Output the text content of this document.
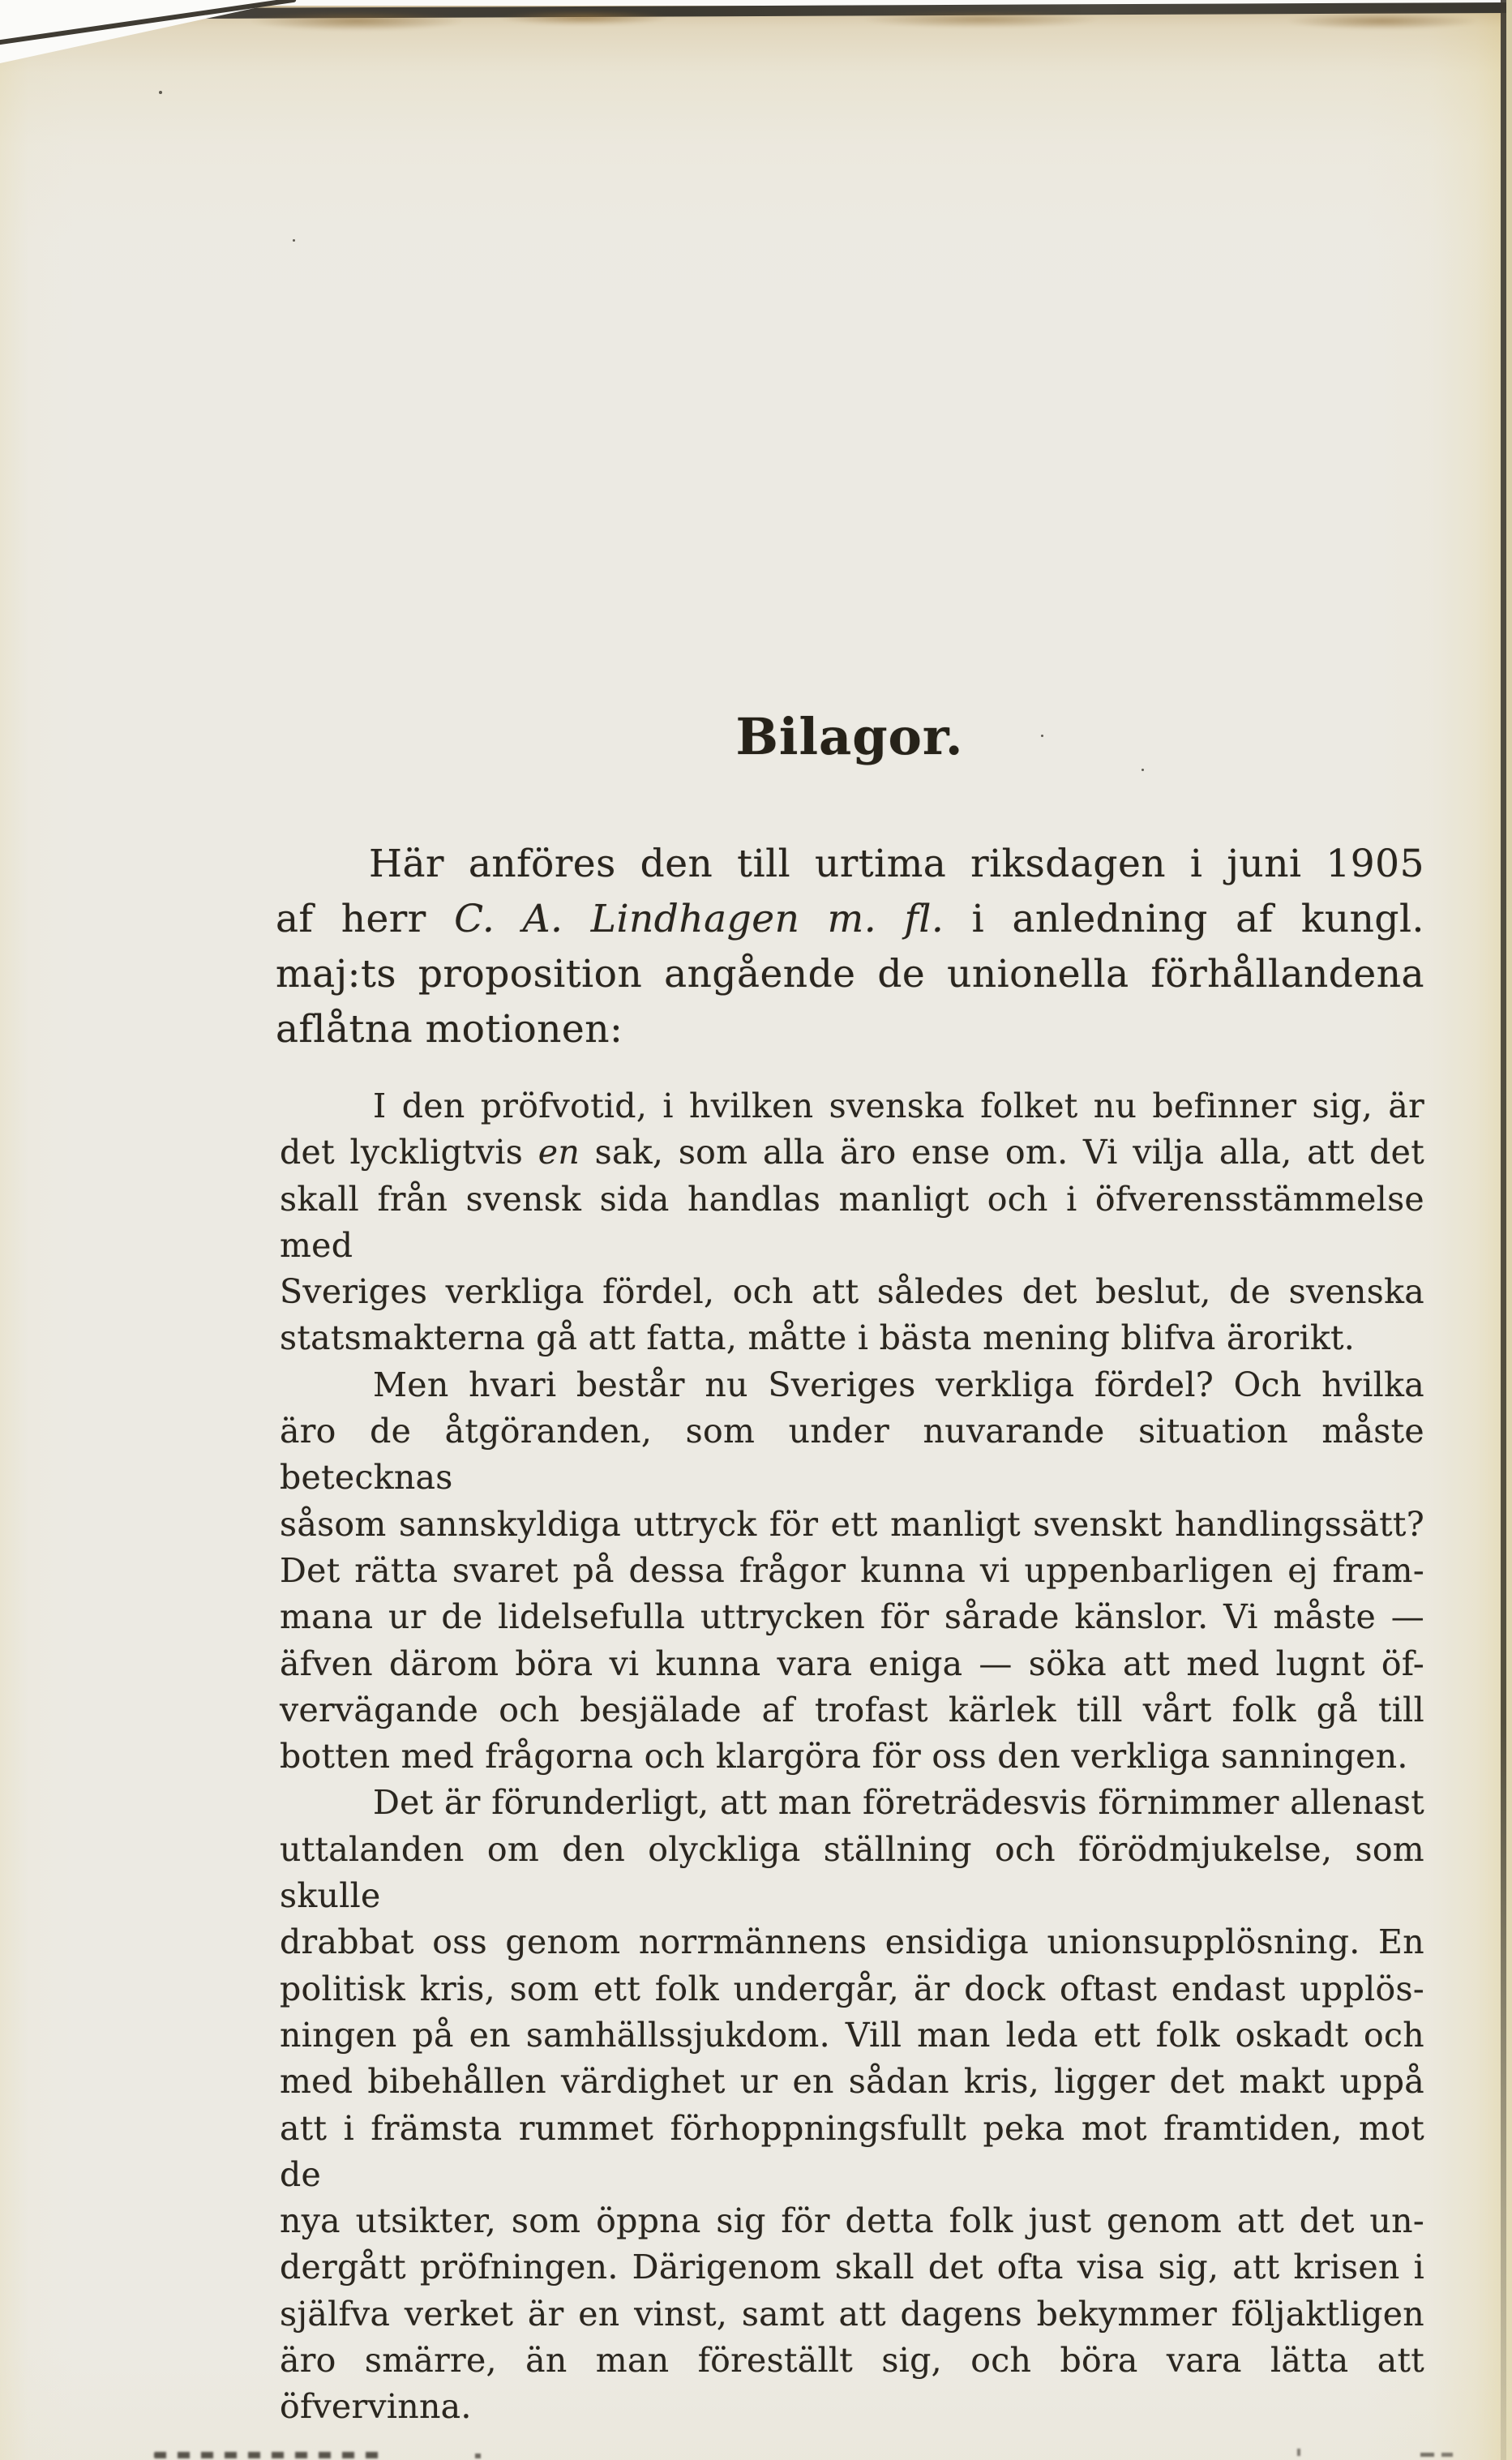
Bilagor.
Här anföres den till urtima riksdagen i juni 1905
af herr C. A. Lindhagen m. fl. i anledning af kungl.
maj:ts proposition angående de unionella förhållandena
aflåtna motionen:
I den pröfvotid, i hvilken svenska folket nu befinner sig, är
det lyckligtvis en sak, som alla äro ense om. Vi vilja alla, att det
skall från svensk sida handlas manligt och i öfverensstämmelse med
Sveriges verkliga fördel, och att således det beslut, de svenska
statsmakterna gå att fatta, måtte i bästa mening blifva ärorikt.
Men hvari består nu Sveriges verkliga fördel? Och hvilka
äro de åtgöranden, som under nuvarande situation måste betecknas
såsom sannskyldiga uttryck för ett manligt svenskt handlingssätt?
Det rätta svaret på dessa frågor kunna vi uppenbarligen ej fram-
mana ur de lidelsefulla uttrycken för sårade känslor. Vi måste —
äfven därom böra vi kunna vara eniga — söka att med lugnt öf-
vervägande och besjälade af trofast kärlek till vårt folk gå till
botten med frågorna och klargöra för oss den verkliga sanningen.
Det är förunderligt, att man företrädesvis förnimmer allenast
uttalanden om den olyckliga ställning och förödmjukelse, som skulle
drabbat oss genom norrmännens ensidiga unionsupplösning. En
politisk kris, som ett folk undergår, är dock oftast endast upplös-
ningen på en samhällssjukdom. Vill man leda ett folk oskadt och
med bibehållen värdighet ur en sådan kris, ligger det makt uppå
att i främsta rummet förhoppningsfullt peka mot framtiden, mot de
nya utsikter, som öppna sig för detta folk just genom att det un-
dergått pröfningen. Därigenom skall det ofta visa sig, att krisen i
själfva verket är en vinst, samt att dagens bekymmer följaktligen
äro smärre, än man föreställt sig, och böra vara lätta att öfvervinna.
